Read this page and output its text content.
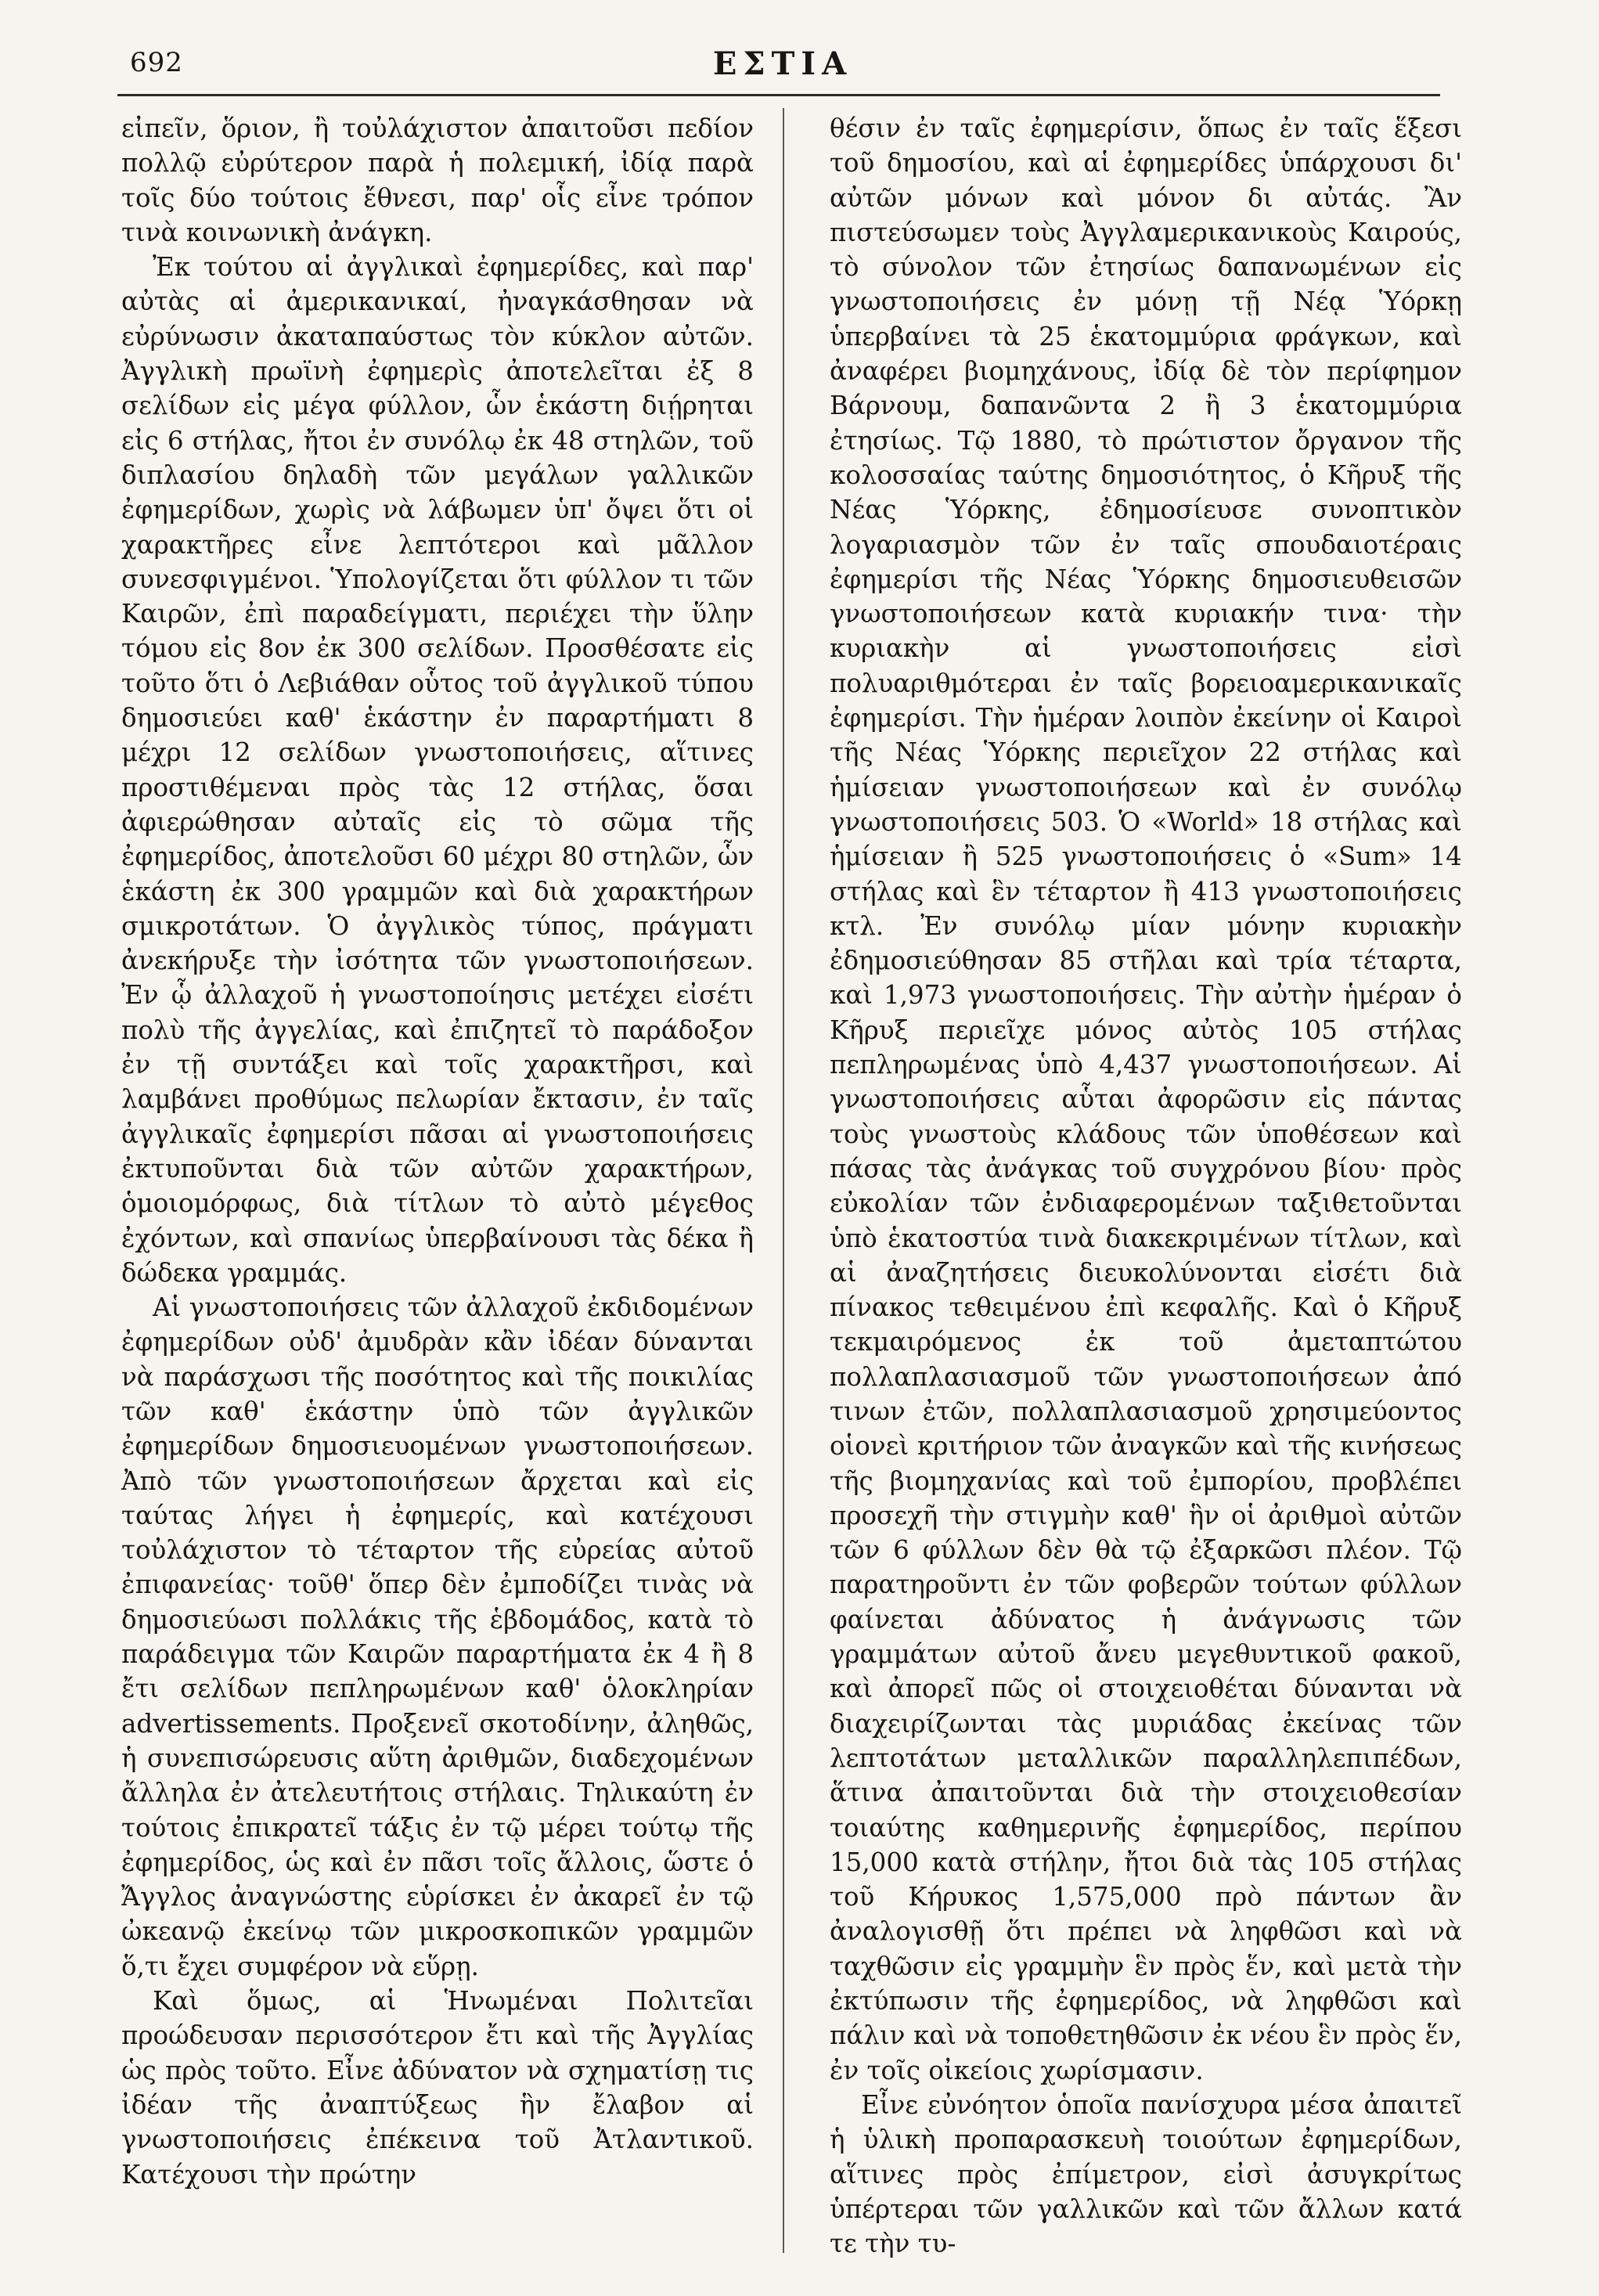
692	ΕΣΤΙΑ

εἰπεῖν, ὅριον, ἢ τοὐλάχιστον ἀπαιτοῦσι πεδίον πολλῷ εὐρύτερον παρὰ ἡ πολεμική, ἰδίᾳ παρὰ τοῖς δύο τούτοις ἔθνεσι, παρ' οἷς εἶνε τρόπον τινὰ κοινωνικὴ ἀνάγκη.

Ἐκ τούτου αἱ ἀγγλικαὶ ἐφημερίδες, καὶ παρ' αὐτὰς αἱ ἀμερικανικαί, ἠναγκάσθησαν νὰ εὐρύνωσιν ἀκαταπαύστως τὸν κύκλον αὐτῶν. Ἀγγλικὴ πρωϊνὴ ἐφημερὶς ἀποτελεῖται ἐξ 8 σελίδων εἰς μέγα φύλλον, ὧν ἑκάστη διῄρηται εἰς 6 στήλας, ἤτοι ἐν συνόλῳ ἐκ 48 στηλῶν, τοῦ διπλασίου δηλαδὴ τῶν μεγάλων γαλλικῶν ἐφημερίδων, χωρὶς νὰ λάβωμεν ὑπ' ὄψει ὅτι οἱ χαρακτῆρες εἶνε λεπτότεροι καὶ μᾶλλον συνεσφιγμένοι. Ὑπολογίζεται ὅτι φύλλον τι τῶν Καιρῶν, ἐπὶ παραδείγματι, περιέχει τὴν ὕλην τόμου εἰς 8ον ἐκ 300 σελίδων. Προσθέσατε εἰς τοῦτο ὅτι ὁ Λεβιάθαν οὗτος τοῦ ἀγγλικοῦ τύπου δημοσιεύει καθ' ἑκάστην ἐν παραρτήματι 8 μέχρι 12 σελίδων γνωστοποιήσεις, αἵτινες προστιθέμεναι πρὸς τὰς 12 στήλας, ὅσαι ἀφιερώθησαν αὐταῖς εἰς τὸ σῶμα τῆς ἐφημερίδος, ἀποτελοῦσι 60 μέχρι 80 στηλῶν, ὧν ἑκάστη ἐκ 300 γραμμῶν καὶ διὰ χαρακτήρων σμικροτάτων. Ὁ ἀγγλικὸς τύπος, πράγματι ἀνεκήρυξε τὴν ἰσότητα τῶν γνωστοποιήσεων. Ἐν ᾧ ἀλλαχοῦ ἡ γνωστοποίησις μετέχει εἰσέτι πολὺ τῆς ἀγγελίας, καὶ ἐπιζητεῖ τὸ παράδοξον ἐν τῇ συντάξει καὶ τοῖς χαρακτῆρσι, καὶ λαμβάνει προθύμως πελωρίαν ἔκτασιν, ἐν ταῖς ἀγγλικαῖς ἐφημερίσι πᾶσαι αἱ γνωστοποιήσεις ἐκτυποῦνται διὰ τῶν αὐτῶν χαρακτήρων, ὁμοιομόρφως, διὰ τίτλων τὸ αὐτὸ μέγεθος ἐχόντων, καὶ σπανίως ὑπερβαίνουσι τὰς δέκα ἢ δώδεκα γραμμάς.

Αἱ γνωστοποιήσεις τῶν ἀλλαχοῦ ἐκδιδομένων ἐφημερίδων οὐδ' ἀμυδρὰν κἂν ἰδέαν δύνανται νὰ παράσχωσι τῆς ποσότητος καὶ τῆς ποικιλίας τῶν καθ' ἑκάστην ὑπὸ τῶν ἀγγλικῶν ἐφημερίδων δημοσιευομένων γνωστοποιήσεων. Ἀπὸ τῶν γνωστοποιήσεων ἄρχεται καὶ εἰς ταύτας λήγει ἡ ἐφημερίς, καὶ κατέχουσι τοὐλάχιστον τὸ τέταρτον τῆς εὐρείας αὐτοῦ ἐπιφανείας· τοῦθ' ὅπερ δὲν ἐμποδίζει τινὰς νὰ δημοσιεύωσι πολλάκις τῆς ἑβδομάδος, κατὰ τὸ παράδειγμα τῶν Καιρῶν παραρτήματα ἐκ 4 ἢ 8 ἔτι σελίδων πεπληρωμένων καθ' ὁλοκληρίαν advertissements. Προξενεῖ σκοτοδίνην, ἀληθῶς, ἡ συνεπισώρευσις αὕτη ἀριθμῶν, διαδεχομένων ἄλληλα ἐν ἀτελευτήτοις στήλαις. Τηλικαύτη ἐν τούτοις ἐπικρατεῖ τάξις ἐν τῷ μέρει τούτῳ τῆς ἐφημερίδος, ὡς καὶ ἐν πᾶσι τοῖς ἄλλοις, ὥστε ὁ Ἄγγλος ἀναγνώστης εὑρίσκει ἐν ἀκαρεῖ ἐν τῷ ὠκεανῷ ἐκείνῳ τῶν μικροσκοπικῶν γραμμῶν ὅ,τι ἔχει συμφέρον νὰ εὕρῃ.

Καὶ ὅμως, αἱ Ἡνωμέναι Πολιτεῖαι προώδευσαν περισσότερον ἔτι καὶ τῆς Ἀγγλίας ὡς πρὸς τοῦτο. Εἶνε ἀδύνατον νὰ σχηματίσῃ τις ἰδέαν τῆς ἀναπτύξεως ἣν ἔλαβον αἱ γνωστοποιήσεις ἐπέκεινα τοῦ Ἀτλαντικοῦ. Κατέχουσι τὴν πρώτην

θέσιν ἐν ταῖς ἐφημερίσιν, ὅπως ἐν ταῖς ἕξεσι τοῦ δημοσίου, καὶ αἱ ἐφημερίδες ὑπάρχουσι δι' αὐτῶν μόνων καὶ μόνον δι αὐτάς. Ἂν πιστεύσωμεν τοὺς Ἀγγλαμερικανικοὺς Καιρούς, τὸ σύνολον τῶν ἐτησίως δαπανωμένων εἰς γνωστοποιήσεις ἐν μόνῃ τῇ Νέᾳ Ὑόρκῃ ὑπερβαίνει τὰ 25 ἑκατομμύρια φράγκων, καὶ ἀναφέρει βιομηχάνους, ἰδίᾳ δὲ τὸν περίφημον Βάρνουμ, δαπανῶντα 2 ἢ 3 ἑκατομμύρια ἐτησίως. Τῷ 1880, τὸ πρώτιστον ὄργανον τῆς κολοσσαίας ταύτης δημοσιότητος, ὁ Κῆρυξ τῆς Νέας Ὑόρκης, ἐδημοσίευσε συνοπτικὸν λογαριασμὸν τῶν ἐν ταῖς σπουδαιοτέραις ἐφημερίσι τῆς Νέας Ὑόρκης δημοσιευθεισῶν γνωστοποιήσεων κατὰ κυριακήν τινα· τὴν κυριακὴν αἱ γνωστοποιήσεις εἰσὶ πολυαριθμότεραι ἐν ταῖς βορειοαμερικανικαῖς ἐφημερίσι. Τὴν ἡμέραν λοιπὸν ἐκείνην οἱ Καιροὶ τῆς Νέας Ὑόρκης περιεῖχον 22 στήλας καὶ ἡμίσειαν γνωστοποιήσεων καὶ ἐν συνόλῳ γνωστοποιήσεις 503. Ὁ «World» 18 στήλας καὶ ἡμίσειαν ἢ 525 γνωστοποιήσεις ὁ «Sum» 14 στήλας καὶ ἓν τέταρτον ἢ 413 γνωστοποιήσεις κτλ. Ἐν συνόλῳ μίαν μόνην κυριακὴν ἐδημοσιεύθησαν 85 στῆλαι καὶ τρία τέταρτα, καὶ 1,973 γνωστοποιήσεις. Τὴν αὐτὴν ἡμέραν ὁ Κῆρυξ περιεῖχε μόνος αὐτὸς 105 στήλας πεπληρωμένας ὑπὸ 4,437 γνωστοποιήσεων. Αἱ γνωστοποιήσεις αὗται ἀφορῶσιν εἰς πάντας τοὺς γνωστοὺς κλάδους τῶν ὑποθέσεων καὶ πάσας τὰς ἀνάγκας τοῦ συγχρόνου βίου· πρὸς εὐκολίαν τῶν ἐνδιαφερομένων ταξιθετοῦνται ὑπὸ ἑκατοστύα τινὰ διακεκριμένων τίτλων, καὶ αἱ ἀναζητήσεις διευκολύνονται εἰσέτι διὰ πίνακος τεθειμένου ἐπὶ κεφαλῆς. Καὶ ὁ Κῆρυξ τεκμαιρόμενος ἐκ τοῦ ἀμεταπτώτου πολλαπλασιασμοῦ τῶν γνωστοποιήσεων ἀπό τινων ἐτῶν, πολλαπλασιασμοῦ χρησιμεύοντος οἱονεὶ κριτήριον τῶν ἀναγκῶν καὶ τῆς κινήσεως τῆς βιομηχανίας καὶ τοῦ ἐμπορίου, προβλέπει προσεχῆ τὴν στιγμὴν καθ' ἣν οἱ ἀριθμοὶ αὐτῶν τῶν 6 φύλλων δὲν θὰ τῷ ἐξαρκῶσι πλέον. Τῷ παρατηροῦντι ἐν τῶν φοβερῶν τούτων φύλλων φαίνεται ἀδύνατος ἡ ἀνάγνωσις τῶν γραμμάτων αὐτοῦ ἄνευ μεγεθυντικοῦ φακοῦ, καὶ ἀπορεῖ πῶς οἱ στοιχειοθέται δύνανται νὰ διαχειρίζωνται τὰς μυριάδας ἐκείνας τῶν λεπτοτάτων μεταλλικῶν παραλληλεπιπέδων, ἅτινα ἀπαιτοῦνται διὰ τὴν στοιχειοθεσίαν τοιαύτης καθημερινῆς ἐφημερίδος, περίπου 15,000 κατὰ στήλην, ἤτοι διὰ τὰς 105 στήλας τοῦ Κήρυκος 1,575,000 πρὸ πάντων ἂν ἀναλογισθῇ ὅτι πρέπει νὰ ληφθῶσι καὶ νὰ ταχθῶσιν εἰς γραμμὴν ἓν πρὸς ἕν, καὶ μετὰ τὴν ἐκτύπωσιν τῆς ἐφημερίδος, νὰ ληφθῶσι καὶ πάλιν καὶ νὰ τοποθετηθῶσιν ἐκ νέου ἓν πρὸς ἕν, ἐν τοῖς οἰκείοις χωρίσμασιν.

Εἶνε εὐνόητον ὁποῖα πανίσχυρα μέσα ἀπαιτεῖ ἡ ὑλικὴ προπαρασκευὴ τοιούτων ἐφημερίδων, αἵτινες πρὸς ἐπίμετρον, εἰσὶ ἀσυγκρίτως ὑπέρτεραι τῶν γαλλικῶν καὶ τῶν ἄλλων κατά τε τὴν τυ-
